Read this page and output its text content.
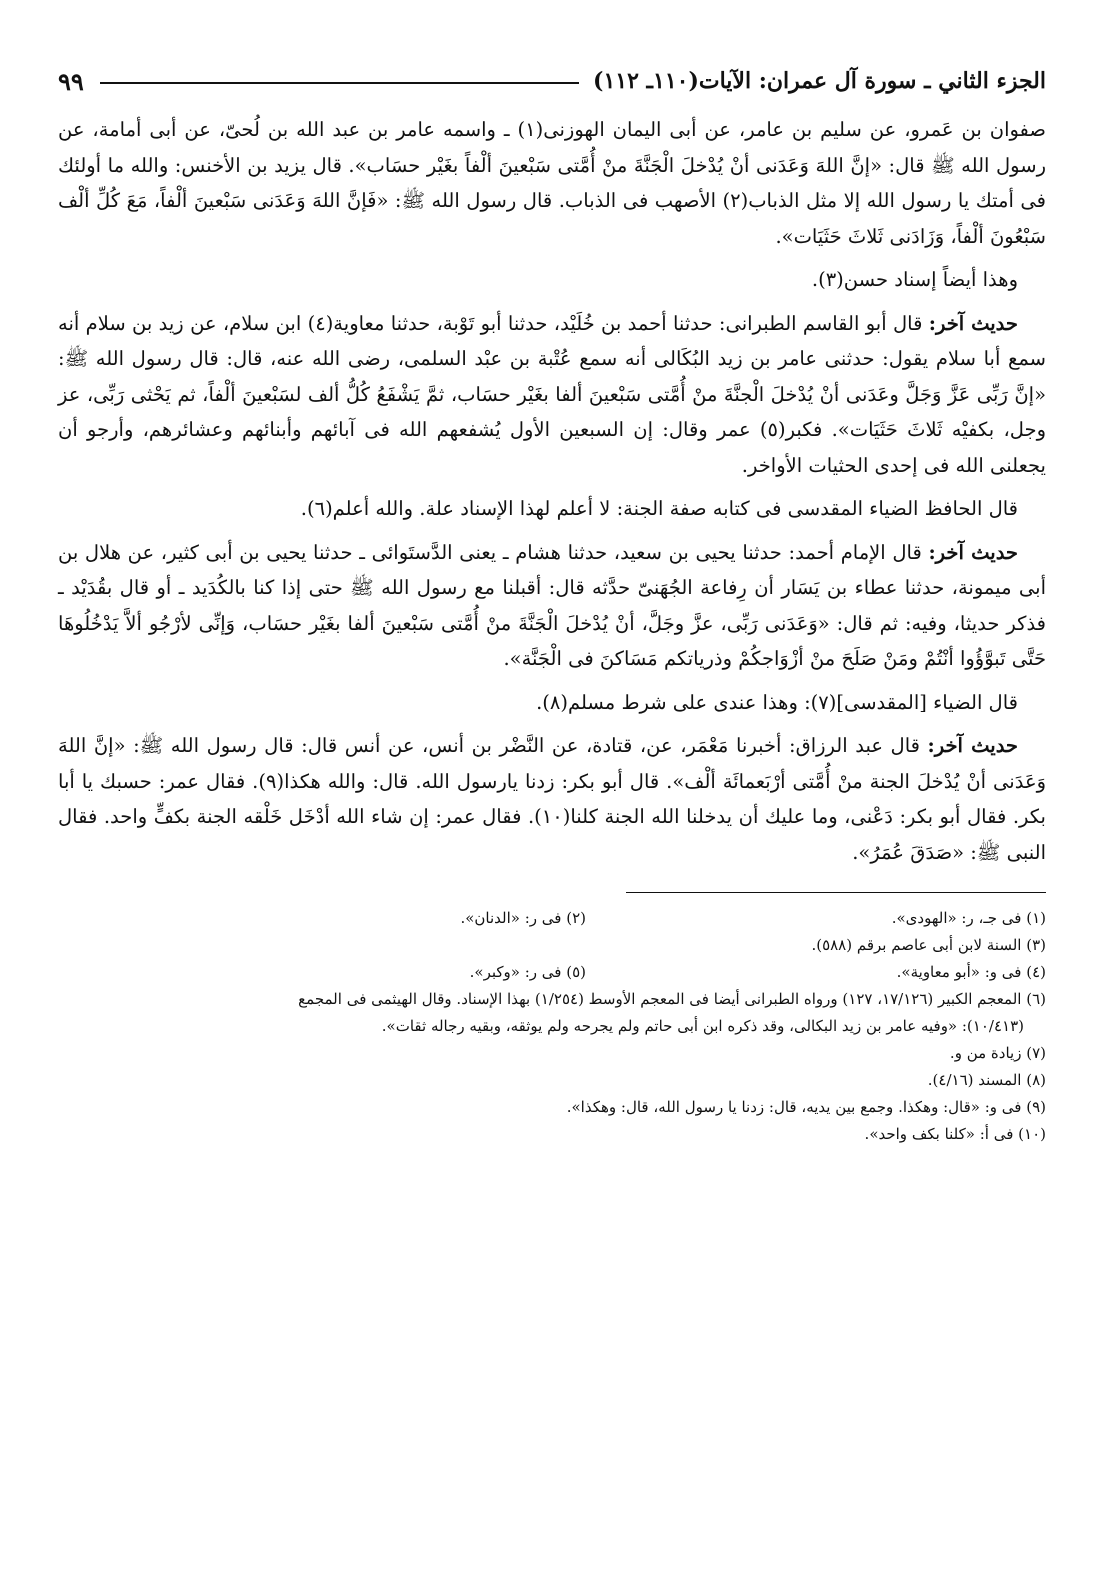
الجزء الثاني ـ سورة آل عمران: الآيات(١١٠ـ ١١٢)
٩٩

صفوان بن عَمرو، عن سليم بن عامر، عن أبى اليمان الهوزنى(١) ـ واسمه عامر بن عبد الله بن لُحىّ، عن أبى أمامة، عن رسول الله ﷺ قال: «إنَّ اللهَ وَعَدَنى أنْ يُدْخلَ الْجَنَّةَ منْ أُمَّتى سَبْعينَ ألْفاً بغَيْر حسَاب». قال يزيد بن الأخنس: والله ما أولئك فى أمتك يا رسول الله إلا مثل الذباب(٢) الأصهب فى الذباب. قال رسول الله ﷺ: «فَإنَّ اللهَ وَعَدَنى سَبْعينَ ألْفاً، مَعَ كُلِّ ألْف سَبْعُونَ ألْفاً، وَزَادَنى ثَلاثَ حَثَيَات».

وهذا أيضاً إسناد حسن(٣).

حديث آخر: قال أبو القاسم الطبرانى: حدثنا أحمد بن خُلَيْد، حدثنا أبو تَوْبة، حدثنا معاوية(٤) ابن سلام، عن زيد بن سلام أنه سمع أبا سلام يقول: حدثنى عامر بن زيد البُكَالى أنه سمع عُتْبة بن عبْد السلمى، رضى الله عنه، قال: قال رسول الله ﷺ: «إنَّ رَبِّى عَزَّ وَجَلَّ وعَدَنى أنْ يُدْخلَ الْجنَّةَ منْ أُمَّتى سَبْعينَ ألفا بغَيْر حسَاب، ثمَّ يَشْفَعُ كُلُّ ألف لسَبْعينَ ألْفاً، ثم يَحْثى رَبِّى، عز وجل، بكفيْه ثَلاثَ حَثَيَات». فكبر(٥) عمر وقال: إن السبعين الأول يُشفعهم الله فى آبائهم وأبنائهم وعشائرهم، وأرجو أن يجعلنى الله فى إحدى الحثيات الأواخر.

قال الحافظ الضياء المقدسى فى كتابه صفة الجنة: لا أعلم لهذا الإسناد علة. والله أعلم(٦).

حديث آخر: قال الإمام أحمد: حدثنا يحيى بن سعيد، حدثنا هشام ـ يعنى الدَّستَوائى ـ حدثنا يحيى بن أبى كثير، عن هلال بن أبى ميمونة، حدثنا عطاء بن يَسَار أن رِفاعة الجُهَنىّ حدَّثه قال: أقبلنا مع رسول الله ﷺ حتى إذا كنا بالكُدَيد ـ أو قال بقُدَيْد ـ فذكر حديثا، وفيه: ثم قال: «وَعَدَنى رَبِّى، عزَّ وجَلَّ، أنْ يُدْخلَ الْجَنَّةَ منْ أُمَّتى سَبْعينَ ألفا بغَيْر حسَاب، وَإنِّى لأرْجُو ألاَّ يَدْخُلُوهَا حَتَّى تَبوَّؤُوا أنْتُمْ ومَنْ صَلَحَ منْ أزْوَاجكُمْ وذرياتكم مَسَاكنَ فى الْجَنَّة».

قال الضياء [المقدسى](٧): وهذا عندى على شرط مسلم(٨).

حديث آخر: قال عبد الرزاق: أخبرنا مَعْمَر، عن، قتادة، عن النَّضْر بن أنس، عن أنس قال: قال رسول الله ﷺ: «إنَّ اللهَ وَعَدَنى أنْ يُدْخلَ الجنة منْ أُمَّتى أرْبَعمائَة ألْف». قال أبو بكر: زدنا يارسول الله. قال: والله هكذا(٩). فقال عمر: حسبك يا أبا بكر. فقال أبو بكر: دَعْنى، وما عليك أن يدخلنا الله الجنة كلنا(١٠). فقال عمر: إن شاء الله أدْخَل خَلْقه الجنة بكفٍّ واحد. فقال النبى ﷺ: «صَدَقَ عُمَرُ».

(١) فى جـ، ر: «الهودى».
(٢) فى ر: «الدنان».
(٣) السنة لابن أبى عاصم برقم (٥٨٨).
(٤) فى و: «أبو معاوية».
(٥) فى ر: «وكبر».
(٦) المعجم الكبير (١٧/١٢٦، ١٢٧) ورواه الطبرانى أيضا فى المعجم الأوسط (١/٢٥٤) بهذا الإسناد. وقال الهيثمى فى المجمع
(١٠/٤١٣): «وفيه عامر بن زيد البكالى، وقد ذكره ابن أبى حاتم ولم يجرحه ولم يوثقه، وبقيه رجاله ثقات».
(٧) زيادة من و.
(٨) المسند (٤/١٦).
(٩) فى و: «قال: وهكذا. وجمع بين يديه، قال: زدنا يا رسول الله، قال: وهكذا».
(١٠) فى أ: «كلنا بكف واحد».
